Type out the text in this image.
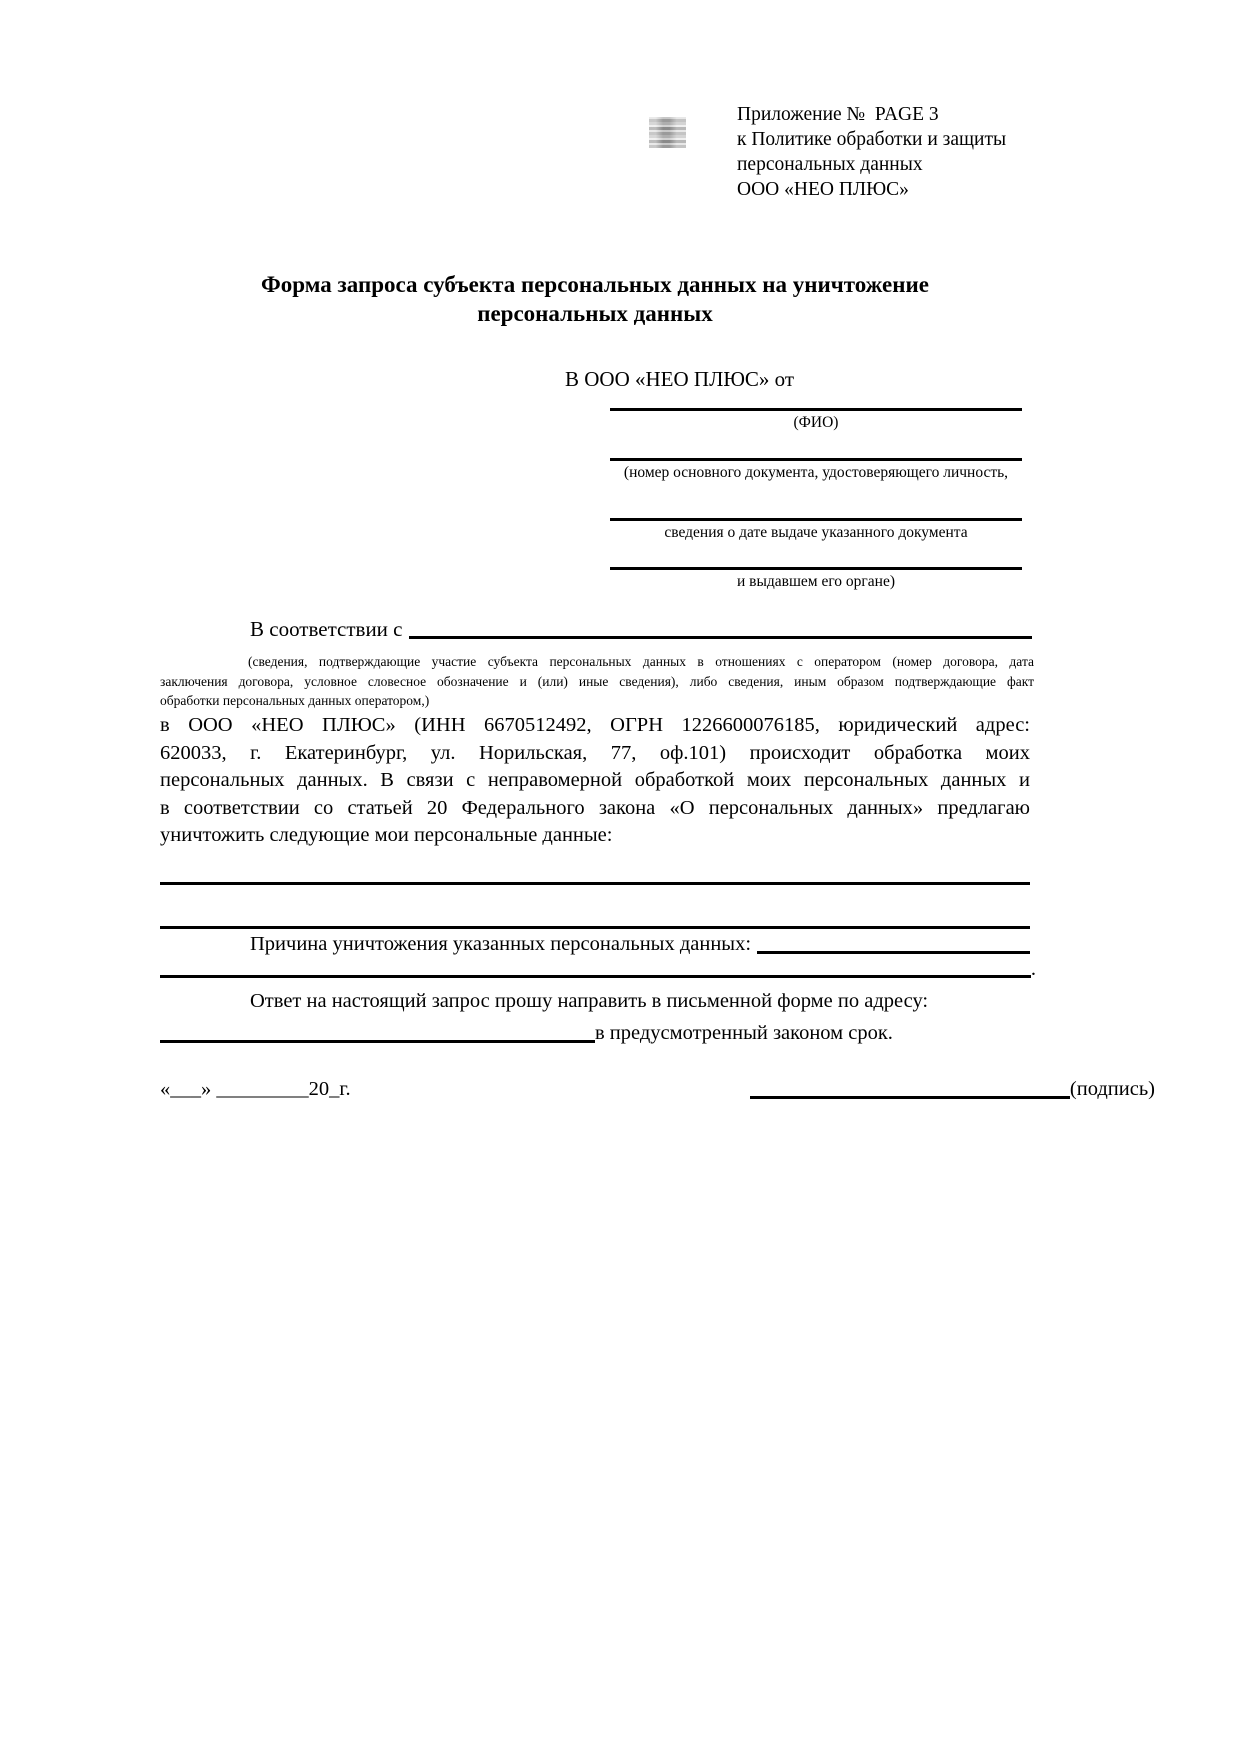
Приложение №  PAGE 3
к Политике обработки и защиты
персональных данных
ООО «НЕО ПЛЮС»
Форма запроса субъекта персональных данных на уничтожение
персональных данных
В ООО «НЕО ПЛЮС» от
(ФИО)
(номер основного документа, удостоверяющего личность,
сведения о дате выдаче указанного документа
и выдавшем его органе)
В соответствии с
(сведения, подтверждающие участие субъекта персональных данных в отношениях с оператором (номер договора, дата
заключения договора, условное словесное обозначение и (или) иные сведения), либо сведения, иным образом подтверждающие факт
обработки персональных данных оператором,)
в ООО «НЕО ПЛЮС» (ИНН 6670512492, ОГРН 1226600076185, юридический адрес:
620033, г. Екатеринбург, ул. Норильская, 77, оф.101) происходит обработка моих
персональных данных. В связи с неправомерной обработкой моих персональных данных и
в соответствии со статьей 20 Федерального закона «О персональных данных» предлагаю
уничтожить следующие мои персональные данные:
Причина уничтожения указанных персональных данных:
.
Ответ на настоящий запрос прошу направить в письменной форме по адресу:
в предусмотренный законом срок.
«___» _________20_г.	(подпись)
